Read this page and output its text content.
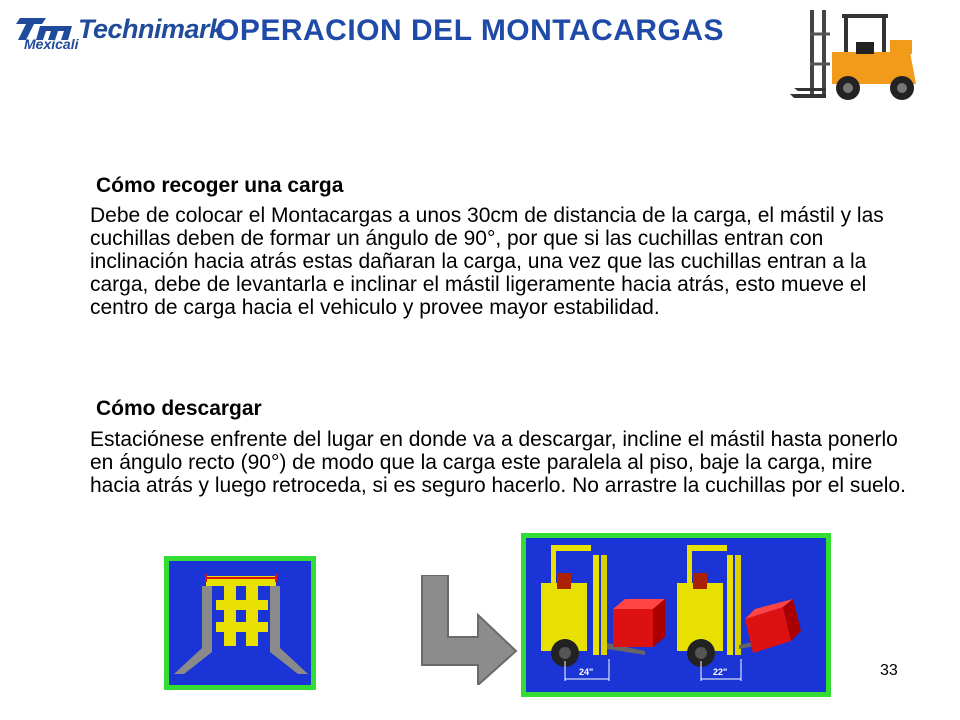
Technimark
Mexicali	OPERACION DEL MONTACARGAS
Cómo recoger una carga

Debe de colocar el Montacargas a unos 30cm de distancia de la carga, el mástil y las cuchillas deben de formar un ángulo de 90°, por que si las cuchillas entran con inclinación hacia atrás estas dañaran la carga, una vez que las cuchillas entran a la carga, debe de levantarla e inclinar el mástil ligeramente hacia atrás, esto mueve el centro de carga hacia el vehiculo y provee mayor estabilidad.

Cómo descargar

Estaciónese enfrente del lugar en donde va a descargar, incline el mástil hasta ponerlo en ángulo recto (90°) de modo que la carga este paralela al piso, baje la carga, mire hacia atrás y luego retroceda, si es seguro hacerlo. No arrastre la cuchillas por el suelo.

24"	22"	33
